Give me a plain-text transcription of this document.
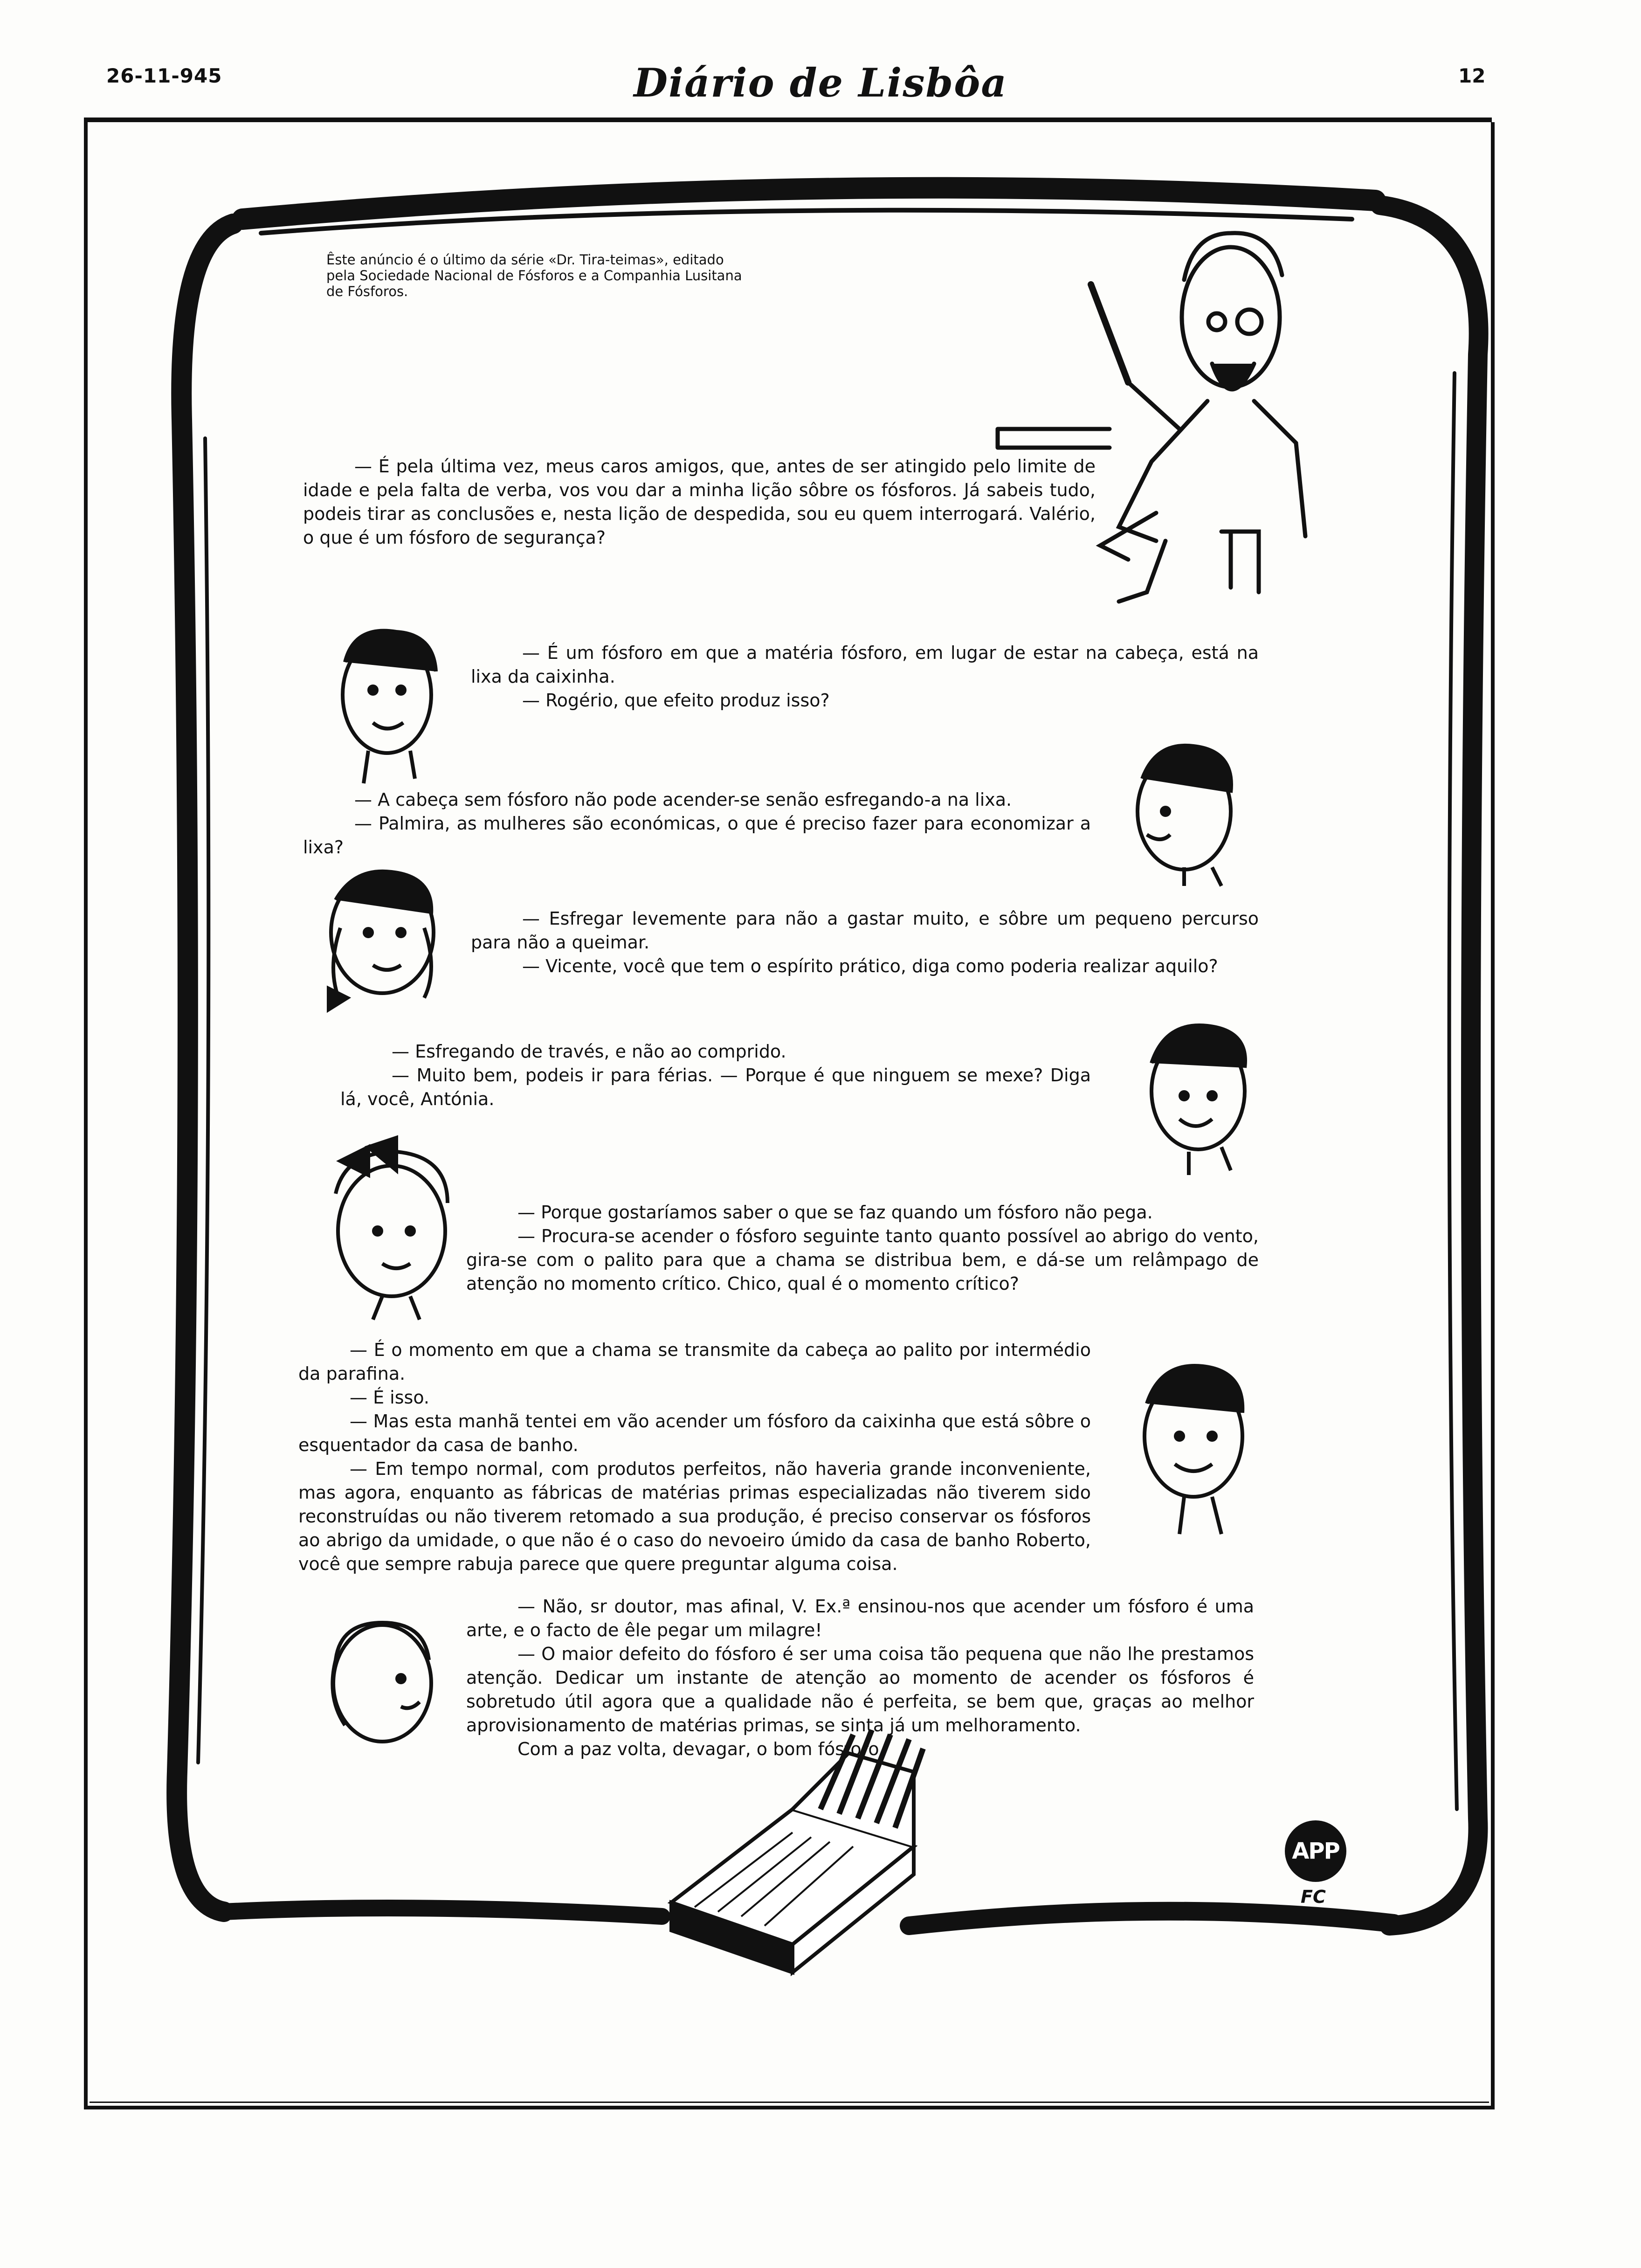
26-11-945	Diário de Lisbôa	12
Êste anúncio é o último da série «Dr. Tira-teimas», editado pela Sociedade Nacional de Fósforos e a Companhia Lusitana de Fósforos.

— É pela última vez, meus caros amigos, que, antes de ser atingido pelo limite de idade e pela falta de verba, vos vou dar a minha lição sôbre os fósforos. Já sabeis tudo, podeis tirar as conclusões e, nesta lição de despedida, sou eu quem interrogará. Valério, o que é um fósforo de segurança?

— É um fósforo em que a matéria fósforo, em lugar de estar na cabeça, está na lixa da caixinha.

— Rogério, que efeito produz isso?

— A cabeça sem fósforo não pode acender-se senão esfregando-a na lixa.

— Palmira, as mulheres são económicas, o que é preciso fazer para economizar a lixa?

— Esfregar levemente para não a gastar muito, e sôbre um pequeno percurso para não a queimar.

— Vicente, você que tem o espírito prático, diga como poderia realizar aquilo?

— Esfregando de través, e não ao comprido.

— Muito bem, podeis ir para férias. — Porque é que ninguem se mexe? Diga lá, você, Antónia.

— Porque gostaríamos saber o que se faz quando um fósforo não pega.

— Procura-se acender o fósforo seguinte tanto quanto possível ao abrigo do vento, gira-se com o palito para que a chama se distribua bem, e dá-se um relâmpago de atenção no momento crítico. Chico, qual é o momento crítico?

— É o momento em que a chama se transmite da cabeça ao palito por intermédio da parafina.

— É isso.

— Mas esta manhã tentei em vão acender um fósforo da caixinha que está sôbre o esquentador da casa de banho.

— Em tempo normal, com produtos perfeitos, não haveria grande inconveniente, mas agora, enquanto as fábricas de matérias primas especializadas não tiverem sido reconstruídas ou não tiverem retomado a sua produção, é preciso conservar os fósforos ao abrigo da umidade, o que não é o caso do nevoeiro úmido da casa de banho Roberto, você que sempre rabuja parece que quere preguntar alguma coisa.

— Não, sr doutor, mas afinal, V. Ex.ª ensinou-nos que acender um fósforo é uma arte, e o facto de êle pegar um milagre!

— O maior defeito do fósforo é ser uma coisa tão pequena que não lhe prestamos atenção. Dedicar um instante de atenção ao momento de acender os fósforos é sobretudo útil agora que a qualidade não é perfeita, se bem que, graças ao melhor aprovisionamento de matérias primas, se sinta já um melhoramento.

Com a paz volta, devagar, o bom fósforo.

APP
FC
